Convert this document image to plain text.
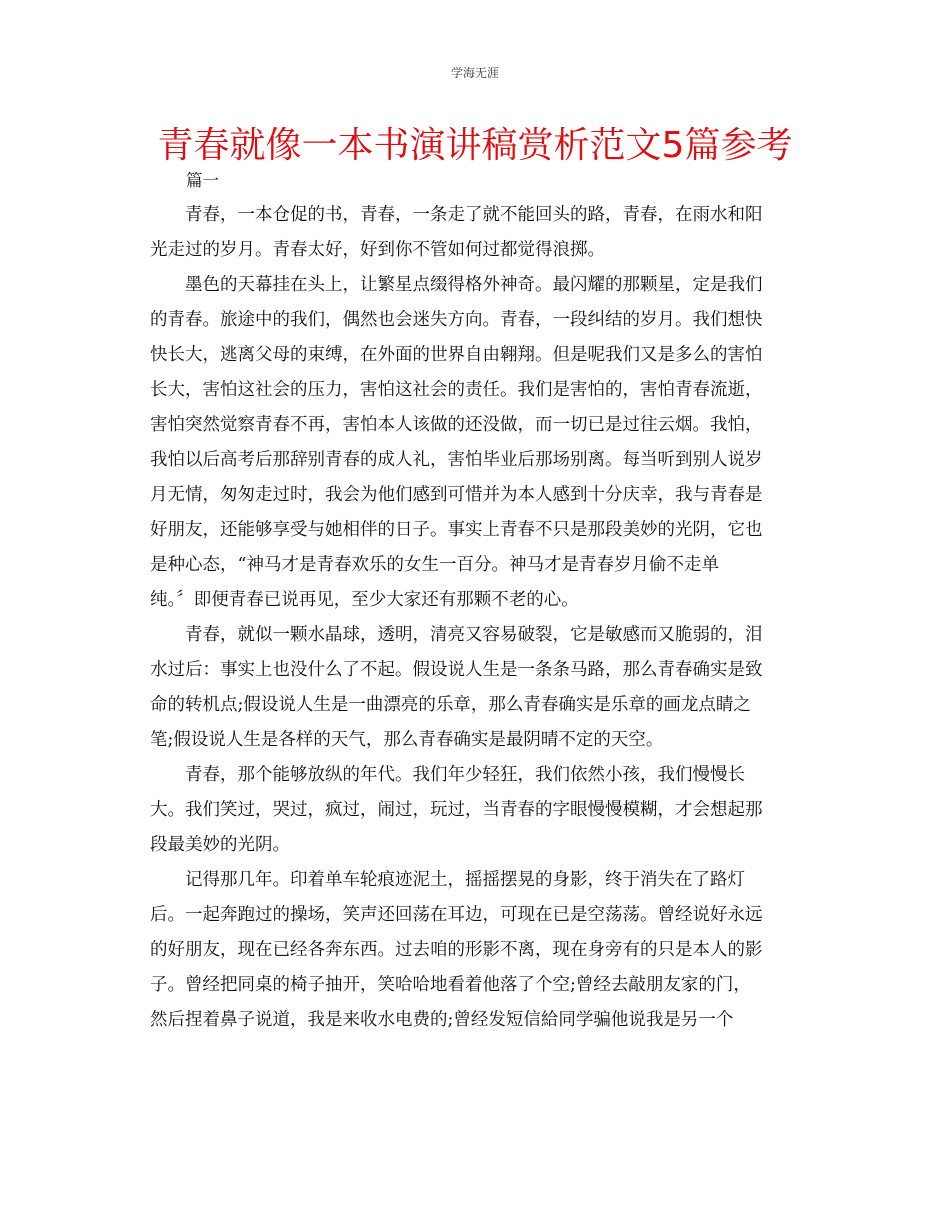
学海无涯
青春就像一本书演讲稿赏析范文5篇参考
篇一
青春，一本仓促的书，青春，一条走了就不能回头的路，青春，在雨水和阳
光走过的岁月。青春太好，好到你不管如何过都觉得浪掷。
墨色的天幕挂在头上，让繁星点缀得格外神奇。最闪耀的那颗星，定是我们
的青春。旅途中的我们，偶然也会迷失方向。青春，一段纠结的岁月。我们想快
快长大，逃离父母的束缚，在外面的世界自由翱翔。但是呢我们又是多么的害怕
长大，害怕这社会的压力，害怕这社会的责任。我们是害怕的，害怕青春流逝，
害怕突然觉察青春不再，害怕本人该做的还没做，而一切已是过往云烟。我怕，
我怕以后高考后那辞别青春的成人礼，害怕毕业后那场别离。每当听到别人说岁
月无情，匆匆走过时，我会为他们感到可惜并为本人感到十分庆幸，我与青春是
好朋友，还能够享受与她相伴的日子。事实上青春不只是那段美妙的光阴，它也
是种心态，“神马才是青春欢乐的女生一百分。神马才是青春岁月偷不走单
纯。〞即便青春已说再见，至少大家还有那颗不老的心。
青春，就似一颗水晶球，透明，清亮又容易破裂，它是敏感而又脆弱的，泪
水过后：事实上也没什么了不起。假设说人生是一条条马路，那么青春确实是致
命的转机点;假设说人生是一曲漂亮的乐章，那么青春确实是乐章的画龙点睛之
笔;假设说人生是各样的天气，那么青春确实是最阴晴不定的天空。
青春，那个能够放纵的年代。我们年少轻狂，我们依然小孩，我们慢慢长
大。我们笑过，哭过，疯过，闹过，玩过，当青春的字眼慢慢模糊，才会想起那
段最美妙的光阴。
记得那几年。印着单车轮痕迹泥土，摇摇摆晃的身影，终于消失在了路灯
后。一起奔跑过的操场，笑声还回荡在耳边，可现在已是空荡荡。曾经说好永远
的好朋友，现在已经各奔东西。过去咱的形影不离，现在身旁有的只是本人的影
子。曾经把同桌的椅子抽开，笑哈哈地看着他落了个空;曾经去敲朋友家的门，
然后捏着鼻子说道，我是来收水电费的;曾经发短信給同学骗他说我是另一个
